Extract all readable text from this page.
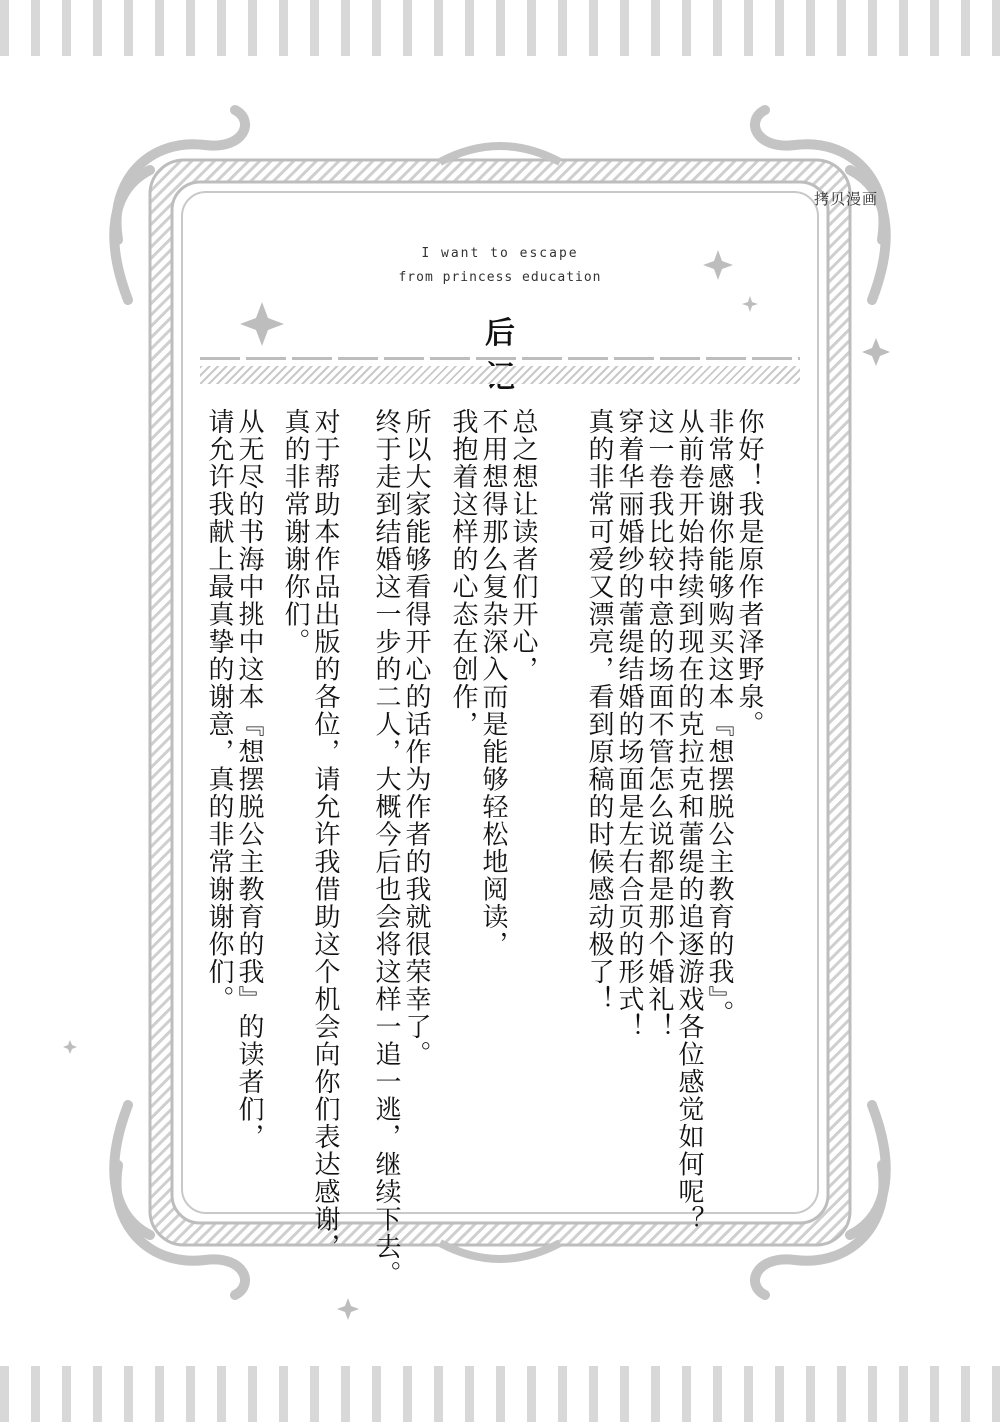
拷贝漫画
I want to escape
from princess education
后
你好！我是原作者泽野泉。
非常感谢你能够购买这本『想摆脱公主教育的我』。
从前卷开始持续到现在的克拉克和蕾缇的追逐游戏各位感觉如何呢？
这一卷我比较中意的场面不管怎么说都是那个婚礼！
穿着华丽婚纱的蕾缇结婚的场面是左右合页的形式！
真的非常可爱又漂亮，看到原稿的时候感动极了！
总之想让读者们开心，
不用想得那么复杂深入而是能够轻松地阅读，
我抱着这样的心态在创作，
所以大家能够看得开心的话作为作者的我就很荣幸了。
终于走到结婚这一步的二人，大概今后也会将这样一追一逃，继续下去。
对于帮助本作品出版的各位，请允许我借助这个机会向你们表达感谢，
真的非常谢谢你们。
从无尽的书海中挑中这本『想摆脱公主教育的我』的读者们，
请允许我献上最真挚的谢意，真的非常谢谢你们。
